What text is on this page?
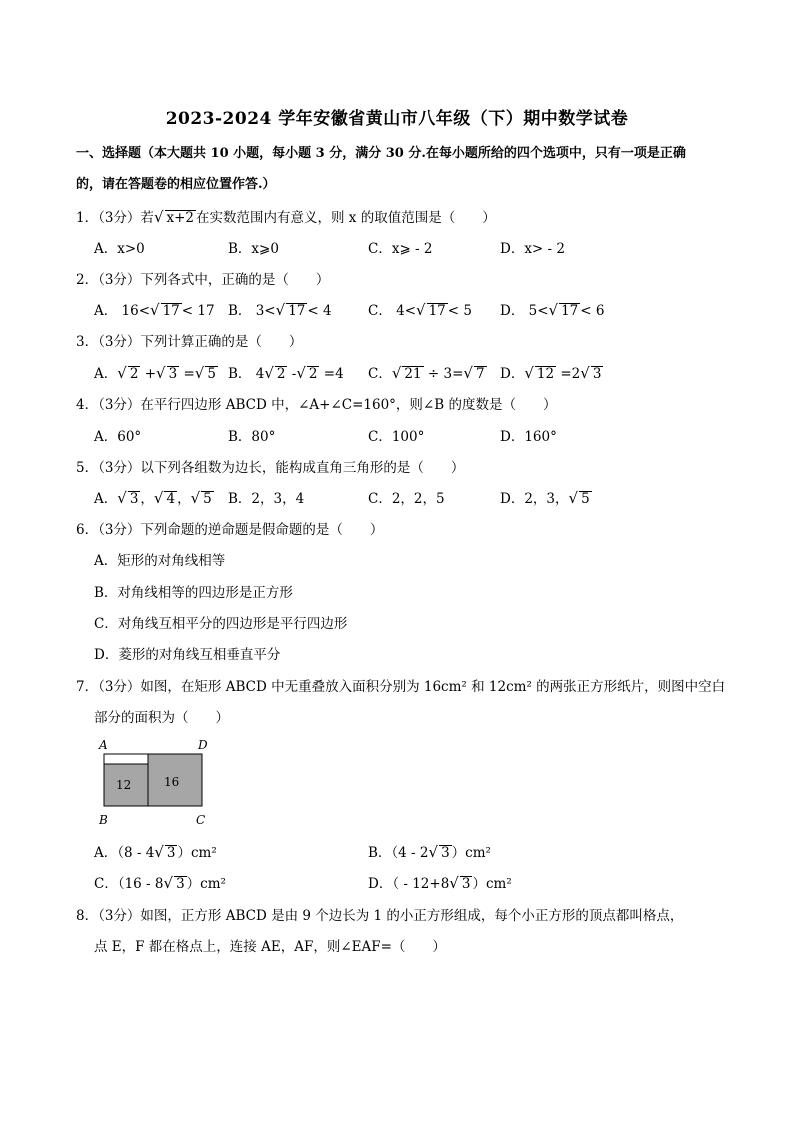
2023-2024 学年安徽省黄山市八年级（下）期中数学试卷
一、选择题（本大题共 10 小题，每小题 3 分，满分 30 分.在每小题所给的四个选项中，只有一项是正确
的，请在答题卷的相应位置作答.）
1．（3分）若√ x+2 在实数范围内有意义，则 x 的取值范围是（　　）
A．x>0	B．x⩾0	C．x⩾ - 2	D．x> - 2
2．（3分）下列各式中，正确的是（　　）
A． 16<√ 17 < 17 B． 3<√ 17 < 4	C． 4<√ 17 < 5 D． 5<√ 17 < 6
3．（3分）下列计算正确的是（　　）
A．√ 2 +√ 3 =√ 5 B． 4√ 2 -√ 2 =4 C．√ 21 ÷ 3=√ 7 D．√ 12 =2√ 3
4．（3分）在平行四边形 ABCD 中，∠A+∠C=160°，则∠B 的度数是（　　）
A．60°	B．80°	C．100°	D．160°
5．（3分）以下列各组数为边长，能构成直角三角形的是（　　）
A．√ 3 ，√ 4 ，√ 5 B．2，3，4	C．2，2，5	D．2，3，√ 5
6．（3分）下列命题的逆命题是假命题的是（　　）
A．矩形的对角线相等
B．对角线相等的四边形是正方形
C．对角线互相平分的四边形是平行四边形
D．菱形的对角线互相垂直平分
7．（3分）如图，在矩形 ABCD 中无重叠放入面积分别为 16cm² 和 12cm² 的两张正方形纸片，则图中空白
部分的面积为（　　）
12	16
A	D
B	C
A．（8 - 4√ 3 ）cm²	B．（4 - 2√ 3 ）cm²
C．（16 - 8√ 3 ）cm²	D．（ - 12+8√ 3 ）cm²
8．（3分）如图，正方形 ABCD 是由 9 个边长为 1 的小正方形组成，每个小正方形的顶点都叫格点，
点 E，F 都在格点上，连接 AE，AF，则∠EAF=（　　）
